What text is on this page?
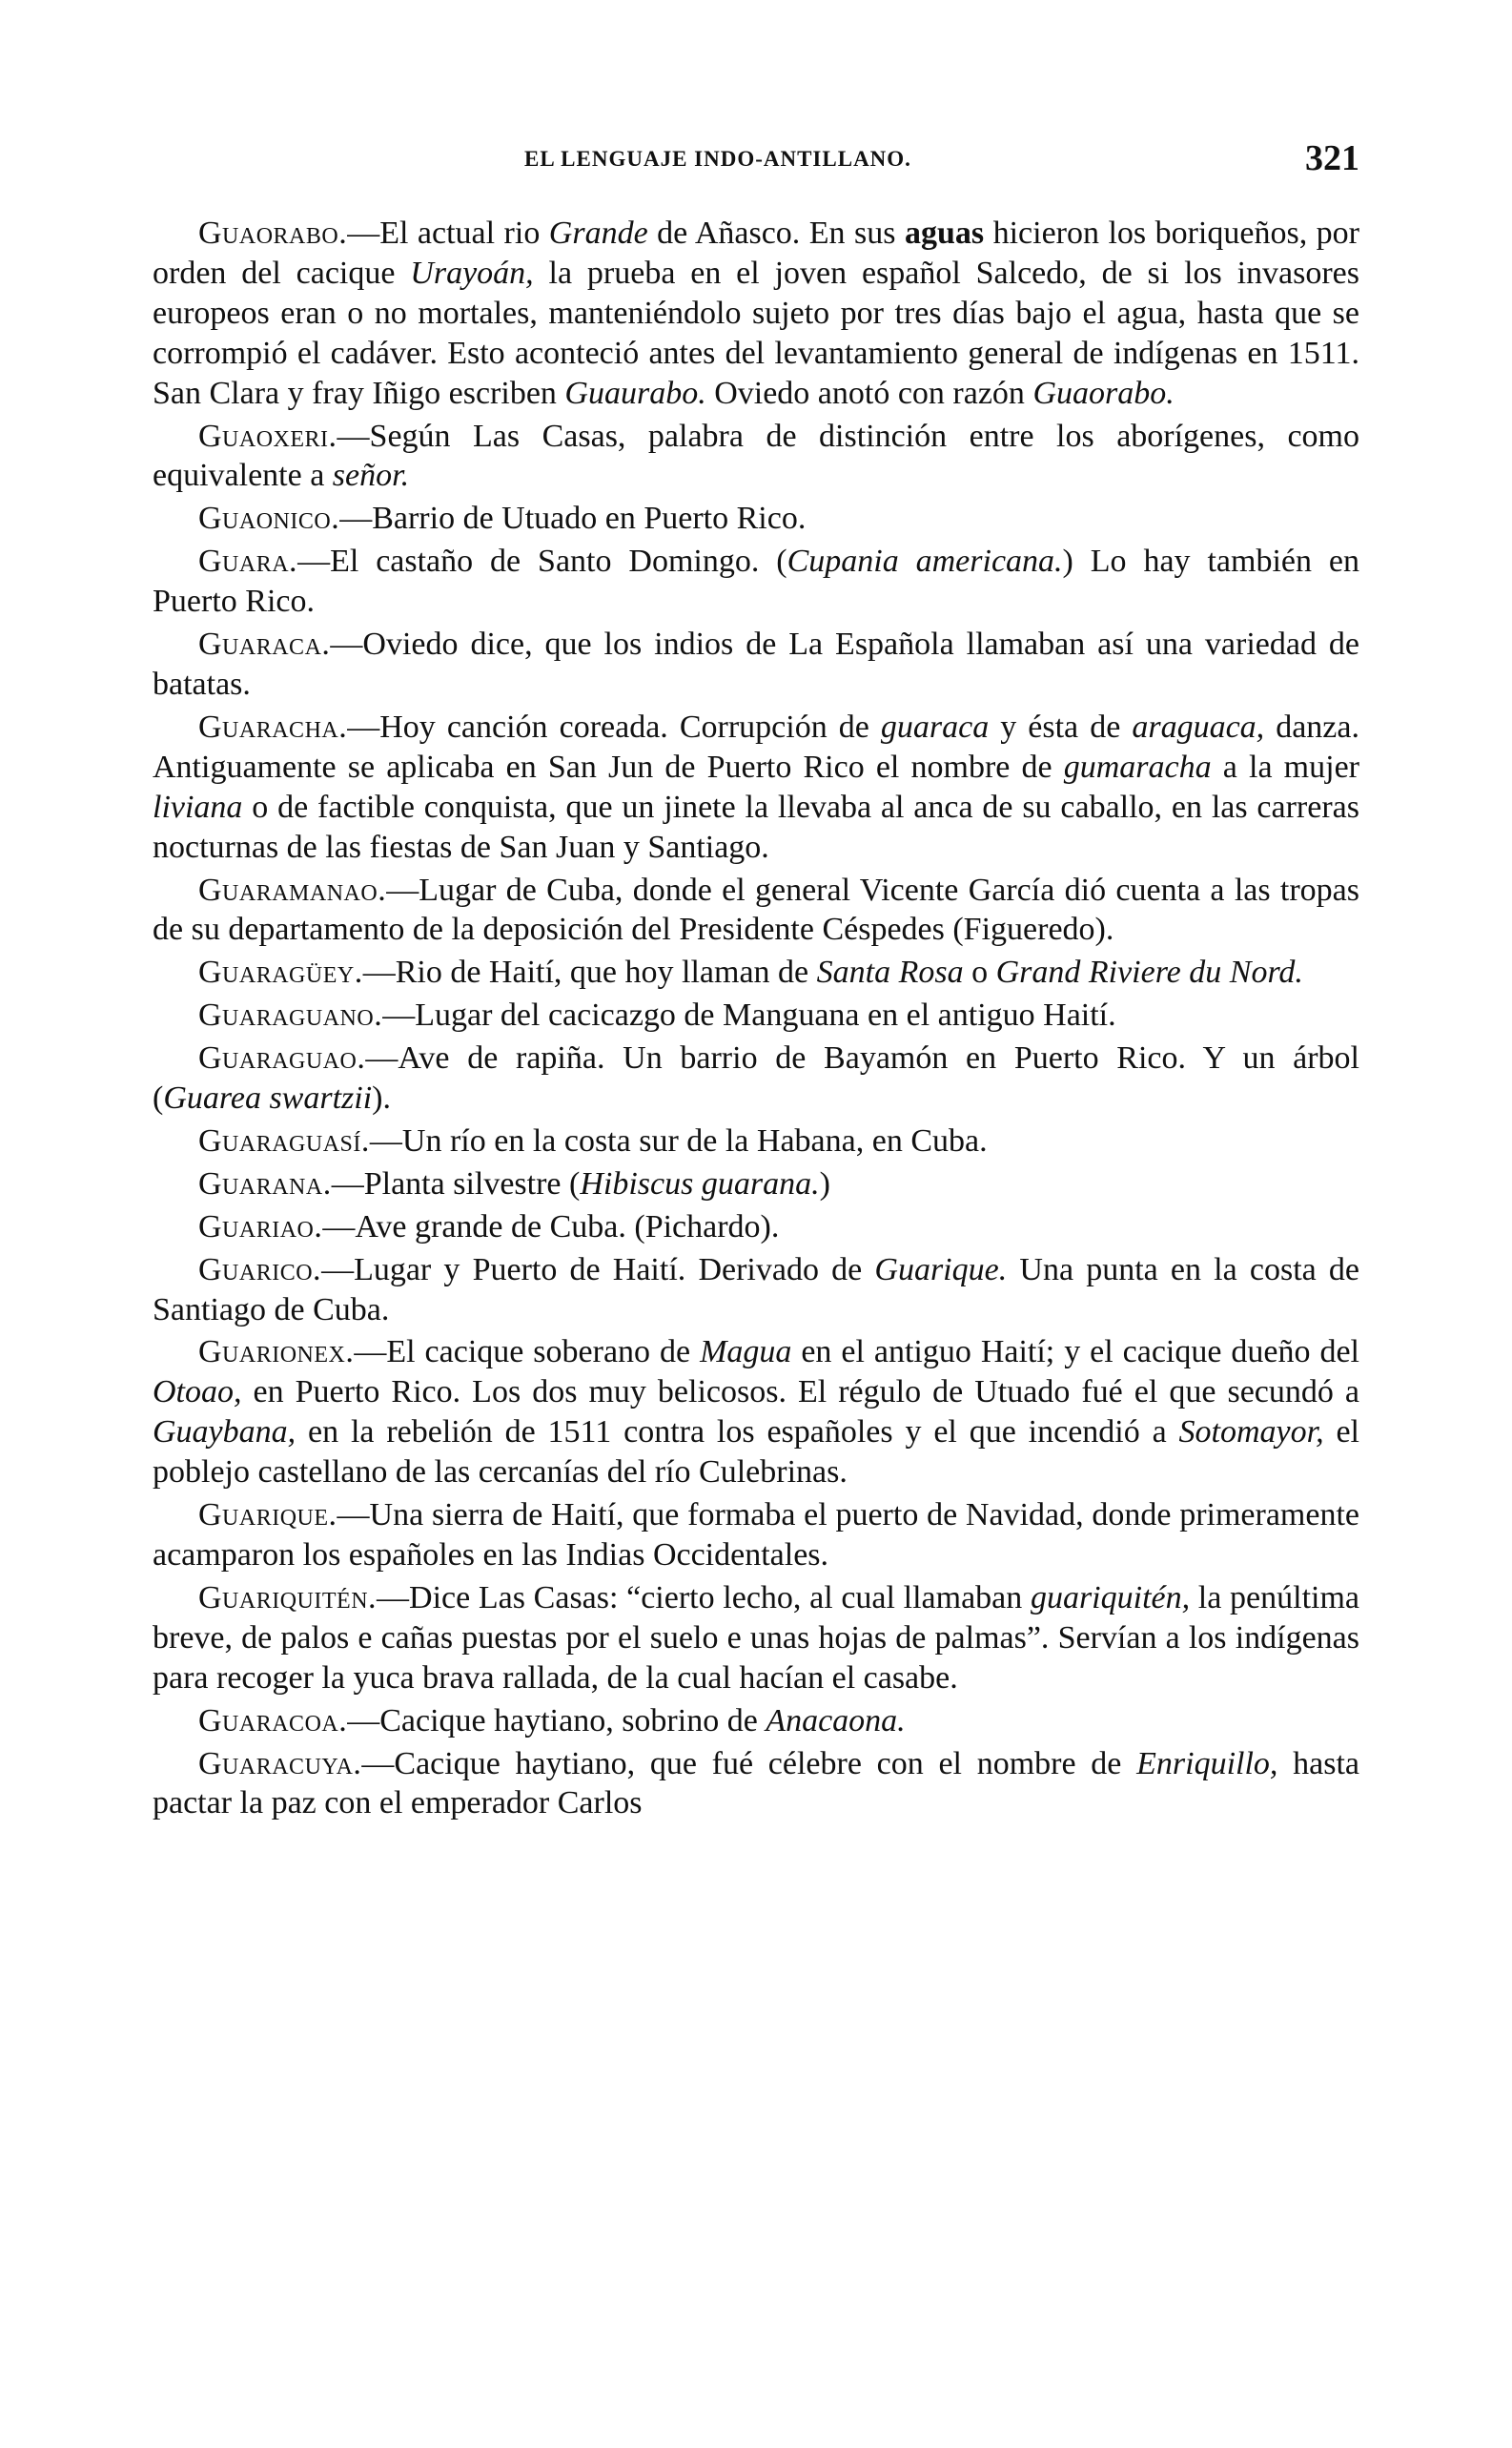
EL LENGUAJE INDO-ANTILLANO.	321

Guaorabo.—El actual rio Grande de Añasco. En sus aguas hicieron los boriqueños, por orden del cacique Urayoán, la prueba en el joven español Salcedo, de si los invasores europeos eran o no mortales, manteniéndolo sujeto por tres días bajo el agua, hasta que se corrompió el cadáver. Esto aconteció antes del levantamiento general de indígenas en 1511. San Clara y fray Iñigo escriben Guaurabo. Oviedo anotó con razón Guaorabo.

Guaoxeri.—Según Las Casas, palabra de distinción entre los aborígenes, como equivalente a señor.

Guaonico.—Barrio de Utuado en Puerto Rico.

Guara.—El castaño de Santo Domingo. (Cupania americana.) Lo hay también en Puerto Rico.

Guaraca.—Oviedo dice, que los indios de La Española llamaban así una variedad de batatas.

Guaracha.—Hoy canción coreada. Corrupción de guaraca y ésta de araguaca, danza. Antiguamente se aplicaba en San Jun de Puerto Rico el nombre de gumaracha a la mujer liviana o de factible conquista, que un jinete la llevaba al anca de su caballo, en las carreras nocturnas de las fiestas de San Juan y Santiago.

Guaramanao.—Lugar de Cuba, donde el general Vicente García dió cuenta a las tropas de su departamento de la deposición del Presidente Céspedes (Figueredo).

Guaragüey.—Rio de Haití, que hoy llaman de Santa Rosa o Grand Riviere du Nord.

Guaraguano.—Lugar del cacicazgo de Manguana en el antiguo Haití.

Guaraguao.—Ave de rapiña. Un barrio de Bayamón en Puerto Rico. Y un árbol (Guarea swartzii).

Guaraguasí.—Un río en la costa sur de la Habana, en Cuba.

Guarana.—Planta silvestre (Hibiscus guarana.)

Guariao.—Ave grande de Cuba. (Pichardo).

Guarico.—Lugar y Puerto de Haití. Derivado de Guarique. Una punta en la costa de Santiago de Cuba.

Guarionex.—El cacique soberano de Magua en el antiguo Haití; y el cacique dueño del Otoao, en Puerto Rico. Los dos muy belicosos. El régulo de Utuado fué el que secundó a Guaybana, en la rebelión de 1511 contra los españoles y el que incendió a Sotomayor, el poblejo castellano de las cercanías del río Culebrinas.

Guarique.—Una sierra de Haití, que formaba el puerto de Navidad, donde primeramente acamparon los españoles en las Indias Occidentales.

Guariquitén.—Dice Las Casas: “cierto lecho, al cual llamaban guariquitén, la penúltima breve, de palos e cañas puestas por el suelo e unas hojas de palmas”. Servían a los indígenas para recoger la yuca brava rallada, de la cual hacían el casabe.

Guaracoa.—Cacique haytiano, sobrino de Anacaona.

Guaracuya.—Cacique haytiano, que fué célebre con el nombre de Enriquillo, hasta pactar la paz con el emperador Carlos
